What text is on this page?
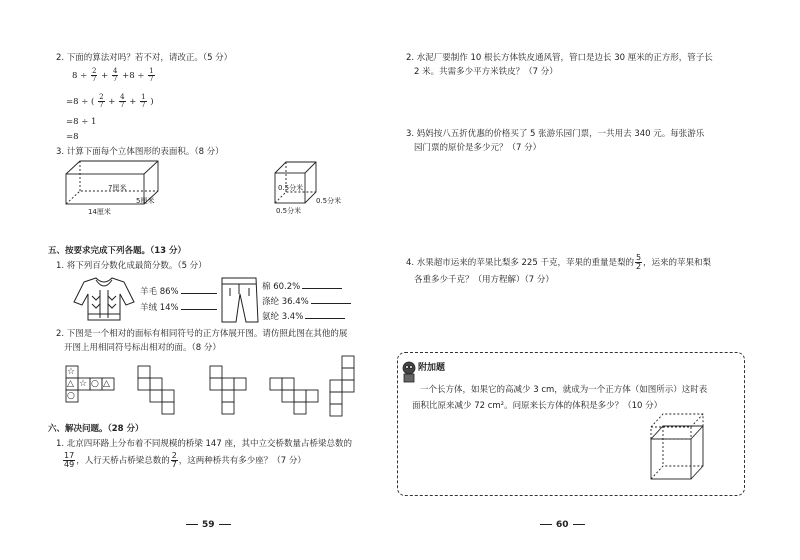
2. 下面的算法对吗？若不对，请改正。（5 分）
$8 \div \frac{2}{7} + \frac{4}{7} +8 \div \frac{1}{7}$
=8 ÷ ( $\frac{2}{7} + \frac{4}{7} + \frac{1}{7}$ )
=8 ÷ 1
=8
3. 计算下面每个立体图形的表面积。（8 分）
7厘米
14厘米
5厘米
0.5分米
0.5分米
0.5分米
五、按要求完成下列各题。（13 分）
1. 将下列百分数化成最简分数。（5 分）
羊毛 86%
羊绒 14%
棉 60.2%
涤纶 36.4%
氨纶 3.4%
2. 下图是一个相对的面标有相同符号的正方体展开图。请仿照此图在其他的展
开图上用相同符号标出相对的面。（8 分）
☆
△
○
☆ ○ △
六、解决问题。（28 分）
1. 北京四环路上分布着不同规模的桥梁 147 座，其中立交桥数量占桥梁总数的
$\frac{17}{49}$ ，人行天桥占桥梁总数的 $\frac{2}{7}$ ，这两种桥共有多少座？（7 分）
59
2. 水泥厂要制作 10 根长方体铁皮通风管，管口是边长 30 厘米的正方形，管子长
2 米。共需多少平方米铁皮？（7 分）
3. 妈妈按八五折优惠的价格买了 5 张游乐园门票，一共用去 340 元。每张游乐
园门票的原价是多少元？（7 分）
4. 水果超市运来的苹果比梨多 225 千克，苹果的重量是梨的 $\frac{5}{2}$ ，运来的苹果和梨
各重多少千克？（用方程解）（7 分）
60
附加题
一个长方体，如果它的高减少 3 cm，就成为一个正方体（如图所示）这时表
面积比原来减少 72 cm²。问原来长方体的体积是多少？（10 分）
